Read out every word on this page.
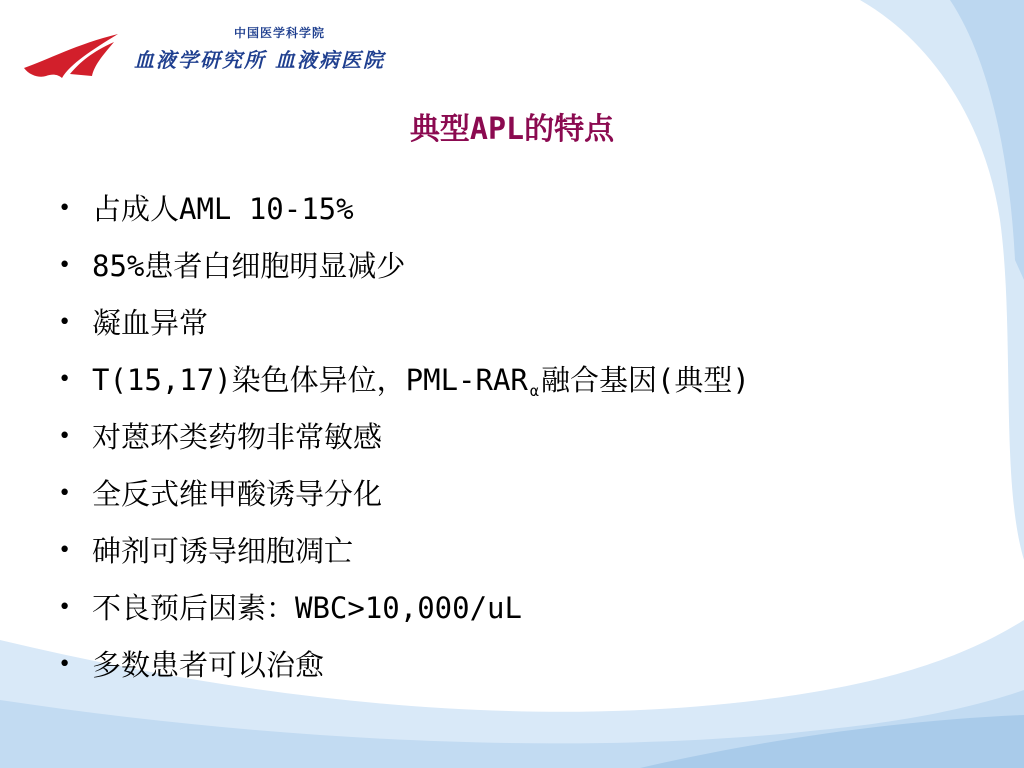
中国医学科学院
血液学研究所 血液病医院
典型APL的特点
• 占成人AML 10-15%
• 85%患者白细胞明显减少
• 凝血异常
• T(15,17)染色体异位，PML-RAR $_\alpha$融合基因(典型)
• 对蒽环类药物非常敏感
• 全反式维甲酸诱导分化
• 砷剂可诱导细胞凋亡
• 不良预后因素：WBC>10,000/uL
• 多数患者可以治愈
